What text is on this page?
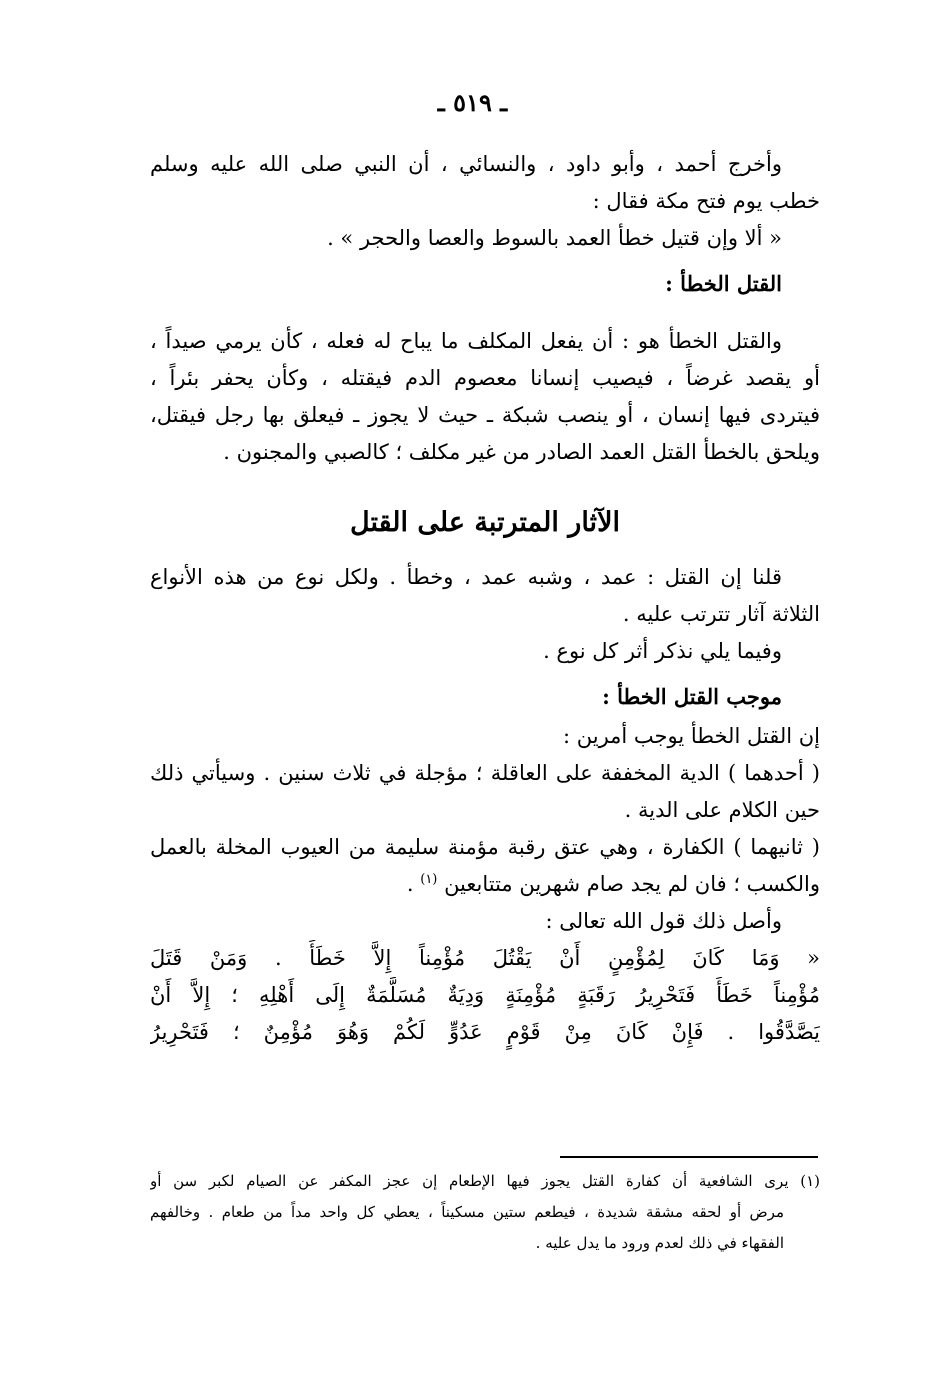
ـ ٥١٩ ـ
وأخرج أحمد ، وأبو داود ، والنسائي ، أن النبي صلى الله عليه وسلم
خطب يوم فتح مكة فقال :
« ألا وإن قتيل خطأ العمد بالسوط والعصا والحجر » .
القتل الخطأ :
والقتل الخطأ هو : أن يفعل المكلف ما يباح له فعله ، كأن يرمي صيداً ،
أو يقصد غرضاً ، فيصيب إنسانا معصوم الدم فيقتله ، وكأن يحفر بئراً ،
فيتردى فيها إنسان ، أو ينصب شبكة ـ حيث لا يجوز ـ فيعلق بها رجل فيقتل،
ويلحق بالخطأ القتل العمد الصادر من غير مكلف ؛ كالصبي والمجنون .
الآثار المترتبة على القتل
قلنا إن القتل : عمد ، وشبه عمد ، وخطأ . ولكل نوع من هذه الأنواع
الثلاثة آثار تترتب عليه .
وفيما يلي نذكر أثر كل نوع .
موجب القتل الخطأ :
إن القتل الخطأ يوجب أمرين :
( أحدهما ) الدية المخففة على العاقلة ؛ مؤجلة في ثلاث سنين . وسيأتي ذلك
حين الكلام على الدية .
( ثانيهما ) الكفارة ، وهي عتق رقبة مؤمنة سليمة من العيوب المخلة بالعمل
والكسب ؛ فان لم يجد صام شهرين متتابعين $^{(١)}$ .
وأصل ذلك قول الله تعالى :
« وَمَا كَانَ لِمُؤْمِنٍ أَنْ يَقْتُلَ مُؤْمِناً إِلاَّ خَطَأً . وَمَنْ قَتَلَ
مُؤْمِناً خَطَأً فَتَحْرِيرُ رَقَبَةٍ مُؤْمِنَةٍ وَدِيَةٌ مُسَلَّمَةٌ إِلَى أَهْلِهِ ؛ إِلاَّ أَنْ
يَصَّدَّقُوا . فَإِنْ كَانَ مِنْ قَوْمٍ عَدُوٍّ لَكُمْ وَهُوَ مُؤْمِنٌ ؛ فَتَحْرِيرُ
(١) يرى الشافعية أن كفارة القتل يجوز فيها الإطعام إن عجز المكفر عن الصيام لكبر سن أو
مرض أو لحقه مشقة شديدة ، فيطعم ستين مسكيناً ، يعطي كل واحد مداً من طعام . وخالفهم
الفقهاء في ذلك لعدم ورود ما يدل عليه .
